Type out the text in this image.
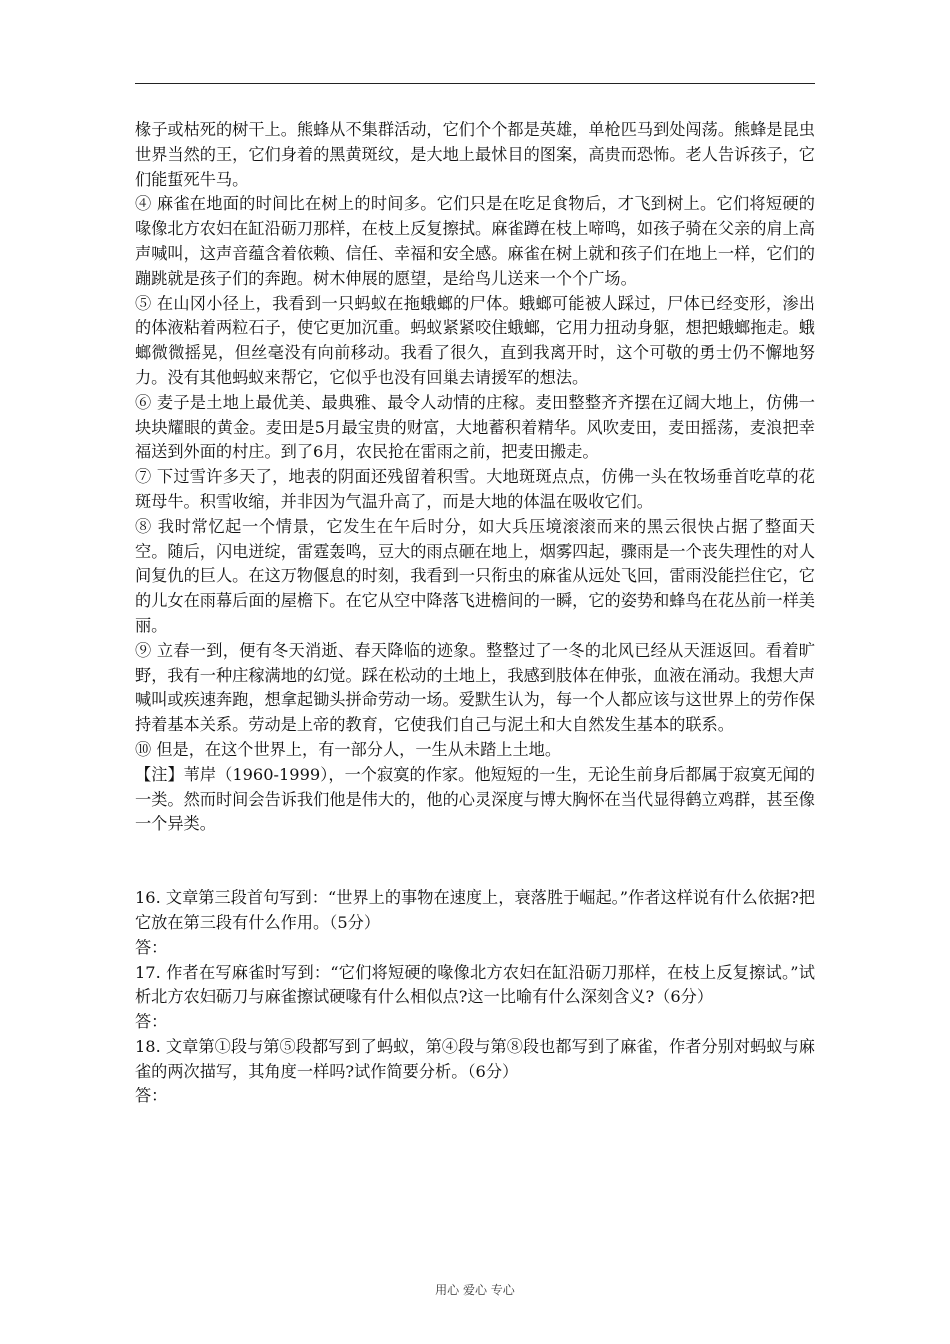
椽子或枯死的树干上。熊蜂从不集群活动，它们个个都是英雄，单枪匹马到处闯荡。熊蜂是昆虫世界当然的王，它们身着的黑黄斑纹，是大地上最怵目的图案，高贵而恐怖。老人告诉孩子，它们能蜇死牛马。

④ 麻雀在地面的时间比在树上的时间多。它们只是在吃足食物后，才飞到树上。它们将短硬的喙像北方农妇在缸沿砺刀那样，在枝上反复擦拭。麻雀蹲在枝上啼鸣，如孩子骑在父亲的肩上高声喊叫，这声音蕴含着依赖、信任、幸福和安全感。麻雀在树上就和孩子们在地上一样，它们的蹦跳就是孩子们的奔跑。树木伸展的愿望，是给鸟儿送来一个个广场。

⑤ 在山冈小径上，我看到一只蚂蚁在拖蛾螂的尸体。蛾螂可能被人踩过，尸体已经变形，渗出的体液粘着两粒石子，使它更加沉重。蚂蚁紧紧咬住蛾螂，它用力扭动身躯，想把蛾螂拖走。蛾螂微微摇晃，但丝毫没有向前移动。我看了很久，直到我离开时，这个可敬的勇士仍不懈地努力。没有其他蚂蚁来帮它，它似乎也没有回巢去请援军的想法。

⑥ 麦子是土地上最优美、最典雅、最令人动情的庄稼。麦田整整齐齐摆在辽阔大地上，仿佛一块块耀眼的黄金。麦田是5月最宝贵的财富，大地蓄积着精华。风吹麦田，麦田摇荡，麦浪把幸福送到外面的村庄。到了6月，农民抢在雷雨之前，把麦田搬走。

⑦ 下过雪许多天了，地表的阴面还残留着积雪。大地斑斑点点，仿佛一头在牧场垂首吃草的花斑母牛。积雪收缩，并非因为气温升高了，而是大地的体温在吸收它们。

⑧ 我时常忆起一个情景，它发生在午后时分，如大兵压境滚滚而来的黑云很快占据了整面天空。随后，闪电迸绽，雷霆轰鸣，豆大的雨点砸在地上，烟雾四起，骤雨是一个丧失理性的对人间复仇的巨人。在这万物偃息的时刻，我看到一只衔虫的麻雀从远处飞回，雷雨没能拦住它，它的儿女在雨幕后面的屋檐下。在它从空中降落飞进檐间的一瞬，它的姿势和蜂鸟在花丛前一样美丽。

⑨ 立春一到，便有冬天消逝、春天降临的迹象。整整过了一冬的北风已经从天涯返回。看着旷野，我有一种庄稼满地的幻觉。踩在松动的土地上，我感到肢体在伸张，血液在涌动。我想大声喊叫或疾速奔跑，想拿起锄头拼命劳动一场。爱默生认为，每一个人都应该与这世界上的劳作保持着基本关系。劳动是上帝的教育，它使我们自己与泥土和大自然发生基本的联系。

⑩ 但是，在这个世界上，有一部分人，一生从未踏上土地。

【注】苇岸（1960-1999），一个寂寞的作家。他短短的一生，无论生前身后都属于寂寞无闻的一类。然而时间会告诉我们他是伟大的，他的心灵深度与博大胸怀在当代显得鹤立鸡群，甚至像一个异类。

16. 文章第三段首句写到：“世界上的事物在速度上，衰落胜于崛起。”作者这样说有什么依据?把它放在第三段有什么作用。（5分）

答：

17. 作者在写麻雀时写到：“它们将短硬的喙像北方农妇在缸沿砺刀那样，在枝上反复擦试。”试析北方农妇砺刀与麻雀擦试硬喙有什么相似点?这一比喻有什么深刻含义?（6分）

答：

18. 文章第①段与第⑤段都写到了蚂蚁，第④段与第⑧段也都写到了麻雀，作者分别对蚂蚁与麻雀的两次描写，其角度一样吗?试作简要分析。（6分）

答：

用心 爱心 专心
